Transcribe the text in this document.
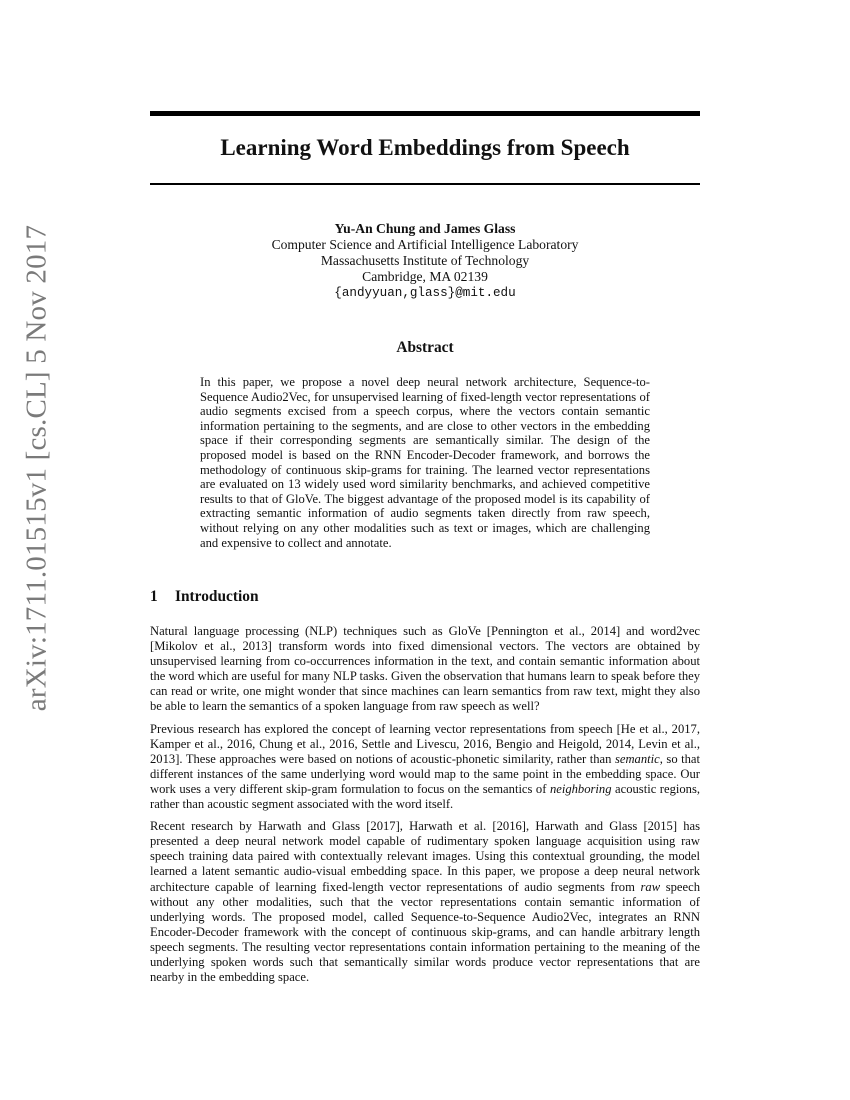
arXiv:1711.01515v1 [cs.CL] 5 Nov 2017
Learning Word Embeddings from Speech
Yu-An Chung and James Glass
Computer Science and Artificial Intelligence Laboratory
Massachusetts Institute of Technology
Cambridge, MA 02139
{andyyuan,glass}@mit.edu
Abstract
In this paper, we propose a novel deep neural network architecture, Sequence-to-Sequence Audio2Vec, for unsupervised learning of fixed-length vector representations of audio segments excised from a speech corpus, where the vectors contain semantic information pertaining to the segments, and are close to other vectors in the embedding space if their corresponding segments are semantically similar. The design of the proposed model is based on the RNN Encoder-Decoder framework, and borrows the methodology of continuous skip-grams for training. The learned vector representations are evaluated on 13 widely used word similarity benchmarks, and achieved competitive results to that of GloVe. The biggest advantage of the proposed model is its capability of extracting semantic information of audio segments taken directly from raw speech, without relying on any other modalities such as text or images, which are challenging and expensive to collect and annotate.
1 Introduction

Natural language processing (NLP) techniques such as GloVe [Pennington et al., 2014] and word2vec [Mikolov et al., 2013] transform words into fixed dimensional vectors. The vectors are obtained by unsupervised learning from co-occurrences information in the text, and contain semantic information about the word which are useful for many NLP tasks. Given the observation that humans learn to speak before they can read or write, one might wonder that since machines can learn semantics from raw text, might they also be able to learn the semantics of a spoken language from raw speech as well?

Previous research has explored the concept of learning vector representations from speech [He et al., 2017, Kamper et al., 2016, Chung et al., 2016, Settle and Livescu, 2016, Bengio and Heigold, 2014, Levin et al., 2013]. These approaches were based on notions of acoustic-phonetic similarity, rather than semantic, so that different instances of the same underlying word would map to the same point in the embedding space. Our work uses a very different skip-gram formulation to focus on the semantics of neighboring acoustic regions, rather than acoustic segment associated with the word itself.

Recent research by Harwath and Glass [2017], Harwath et al. [2016], Harwath and Glass [2015] has presented a deep neural network model capable of rudimentary spoken language acquisition using raw speech training data paired with contextually relevant images. Using this contextual grounding, the model learned a latent semantic audio-visual embedding space. In this paper, we propose a deep neural network architecture capable of learning fixed-length vector representations of audio segments from raw speech without any other modalities, such that the vector representations contain semantic information of underlying words. The proposed model, called Sequence-to-Sequence Audio2Vec, integrates an RNN Encoder-Decoder framework with the concept of continuous skip-grams, and can handle arbitrary length speech segments. The resulting vector representations contain information pertaining to the meaning of the underlying spoken words such that semantically similar words produce vector representations that are nearby in the embedding space.
